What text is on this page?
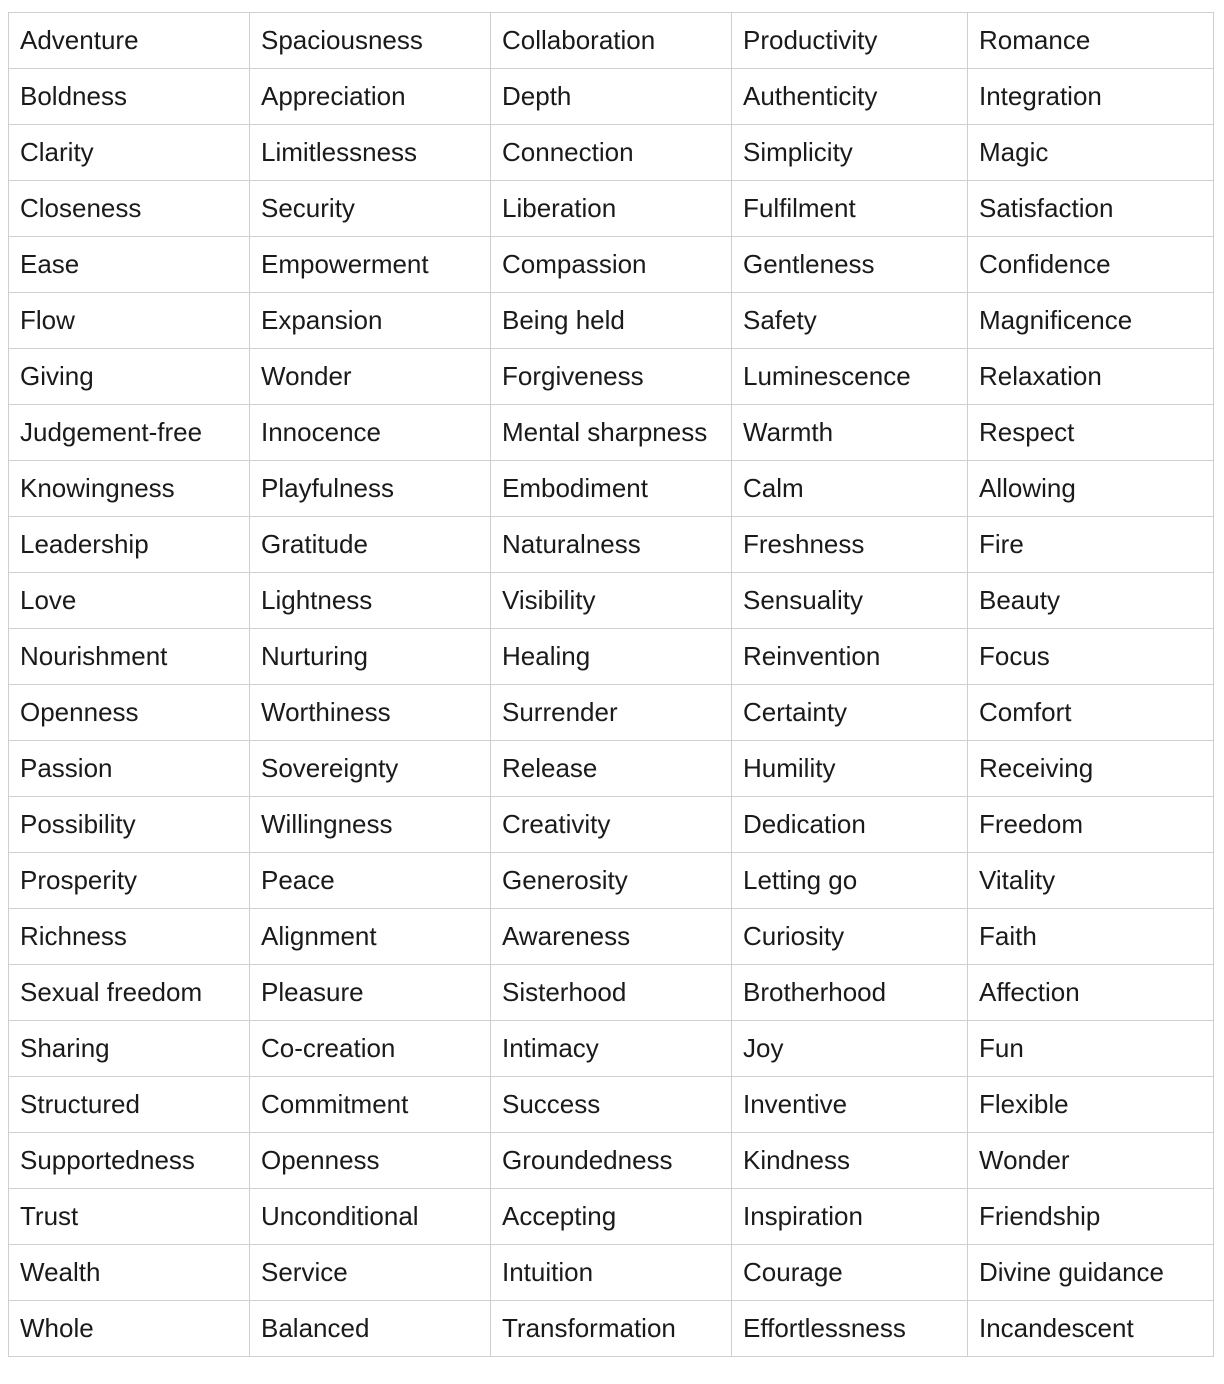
Adventure	Spaciousness	Collaboration	Productivity	Romance
Boldness	Appreciation	Depth	Authenticity	Integration
Clarity	Limitlessness	Connection	Simplicity	Magic
Closeness	Security	Liberation	Fulfilment	Satisfaction
Ease	Empowerment	Compassion	Gentleness	Confidence
Flow	Expansion	Being held	Safety	Magnificence
Giving	Wonder	Forgiveness	Luminescence	Relaxation
Judgement-free	Innocence	Mental sharpness	Warmth	Respect
Knowingness	Playfulness	Embodiment	Calm	Allowing
Leadership	Gratitude	Naturalness	Freshness	Fire
Love	Lightness	Visibility	Sensuality	Beauty
Nourishment	Nurturing	Healing	Reinvention	Focus
Openness	Worthiness	Surrender	Certainty	Comfort
Passion	Sovereignty	Release	Humility	Receiving
Possibility	Willingness	Creativity	Dedication	Freedom
Prosperity	Peace	Generosity	Letting go	Vitality
Richness	Alignment	Awareness	Curiosity	Faith
Sexual freedom	Pleasure	Sisterhood	Brotherhood	Affection
Sharing	Co-creation	Intimacy	Joy	Fun
Structured	Commitment	Success	Inventive	Flexible
Supportedness	Openness	Groundedness	Kindness	Wonder
Trust	Unconditional	Accepting	Inspiration	Friendship
Wealth	Service	Intuition	Courage	Divine guidance
Whole	Balanced	Transformation	Effortlessness	Incandescent
